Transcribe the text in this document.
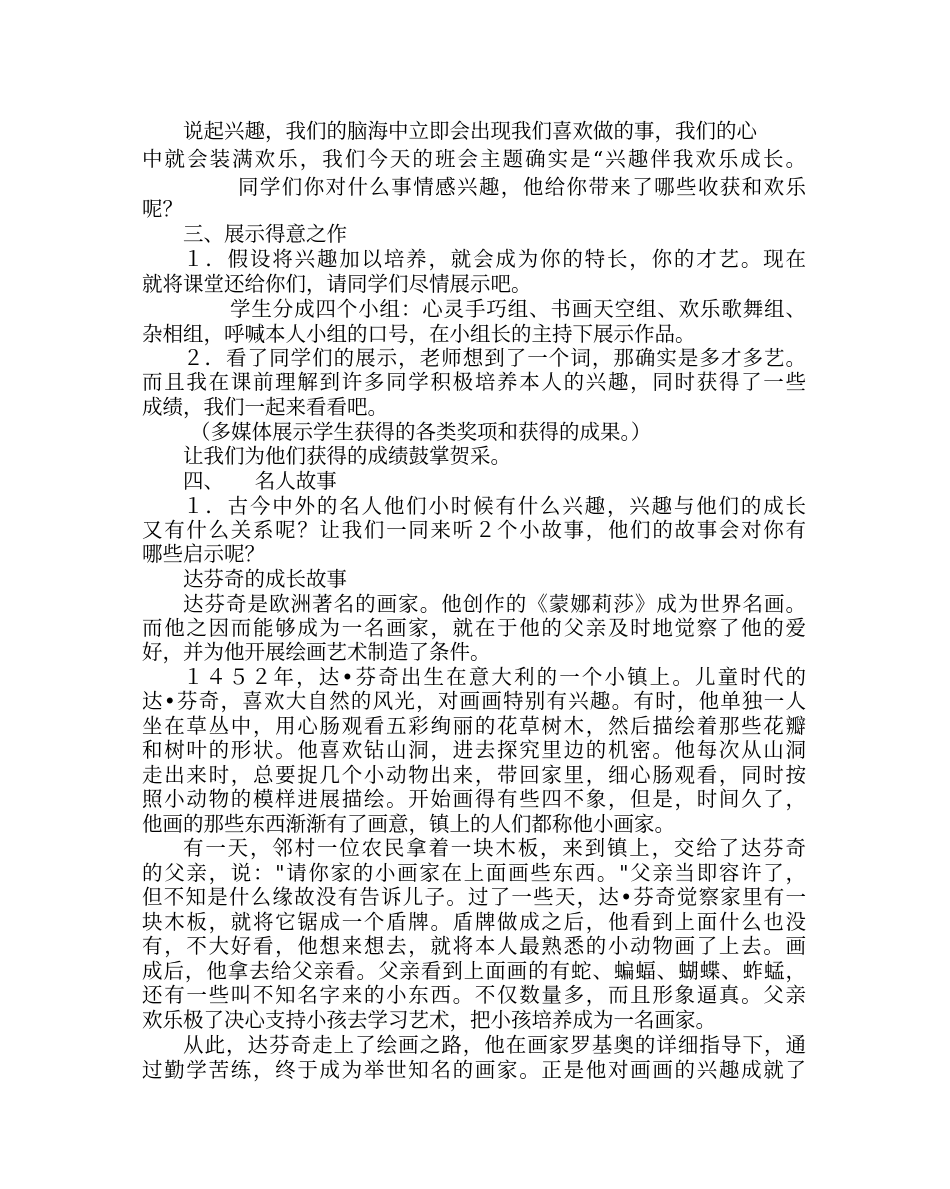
说起兴趣，我们的脑海中立即会出现我们喜欢做的事，我们的心
中就会装满欢乐，我们今天的班会主题确实是“兴趣伴我欢乐成长。
同学们你对什么事情感兴趣，他给你带来了哪些收获和欢乐
呢？
三、展示得意之作
１．假设将兴趣加以培养，就会成为你的特长，你的才艺。现在
就将课堂还给你们，请同学们尽情展示吧。
学生分成四个小组：心灵手巧组、书画天空组、欢乐歌舞组、
杂相组，呼喊本人小组的口号，在小组长的主持下展示作品。
２．看了同学们的展示，老师想到了一个词，那确实是多才多艺。
而且我在课前理解到许多同学积极培养本人的兴趣，同时获得了一些
成绩，我们一起来看看吧。
（多媒体展示学生获得的各类奖项和获得的成果。）
让我们为他们获得的成绩鼓掌贺采。
四、　　名人故事
１．古今中外的名人他们小时候有什么兴趣，兴趣与他们的成长
又有什么关系呢？让我们一同来听２个小故事，他们的故事会对你有
哪些启示呢？
达芬奇的成长故事
达芬奇是欧洲著名的画家。他创作的《蒙娜莉莎》成为世界名画。
而他之因而能够成为一名画家，就在于他的父亲及时地觉察了他的爱
好，并为他开展绘画艺术制造了条件。
１４５２年，达•芬奇出生在意大利的一个小镇上。儿童时代的
达•芬奇，喜欢大自然的风光，对画画特别有兴趣。有时，他单独一人
坐在草丛中，用心肠观看五彩绚丽的花草树木，然后描绘着那些花瓣
和树叶的形状。他喜欢钻山洞，进去探究里边的机密。他每次从山洞
走出来时，总要捉几个小动物出来，带回家里，细心肠观看，同时按
照小动物的模样进展描绘。开始画得有些四不象，但是，时间久了，
他画的那些东西渐渐有了画意，镇上的人们都称他小画家。
有一天，邻村一位农民拿着一块木板，来到镇上，交给了达芬奇
的父亲，说："请你家的小画家在上面画些东西。"父亲当即容许了，
但不知是什么缘故没有告诉儿子。过了一些天，达•芬奇觉察家里有一
块木板，就将它锯成一个盾牌。盾牌做成之后，他看到上面什么也没
有，不大好看，他想来想去，就将本人最熟悉的小动物画了上去。画
成后，他拿去给父亲看。父亲看到上面画的有蛇、蝙蝠、蝴蝶、蚱蜢，
还有一些叫不知名字来的小东西。不仅数量多，而且形象逼真。父亲
欢乐极了决心支持小孩去学习艺术，把小孩培养成为一名画家。
从此，达芬奇走上了绘画之路，他在画家罗基奥的详细指导下，通
过勤学苦练，终于成为举世知名的画家。正是他对画画的兴趣成就了
